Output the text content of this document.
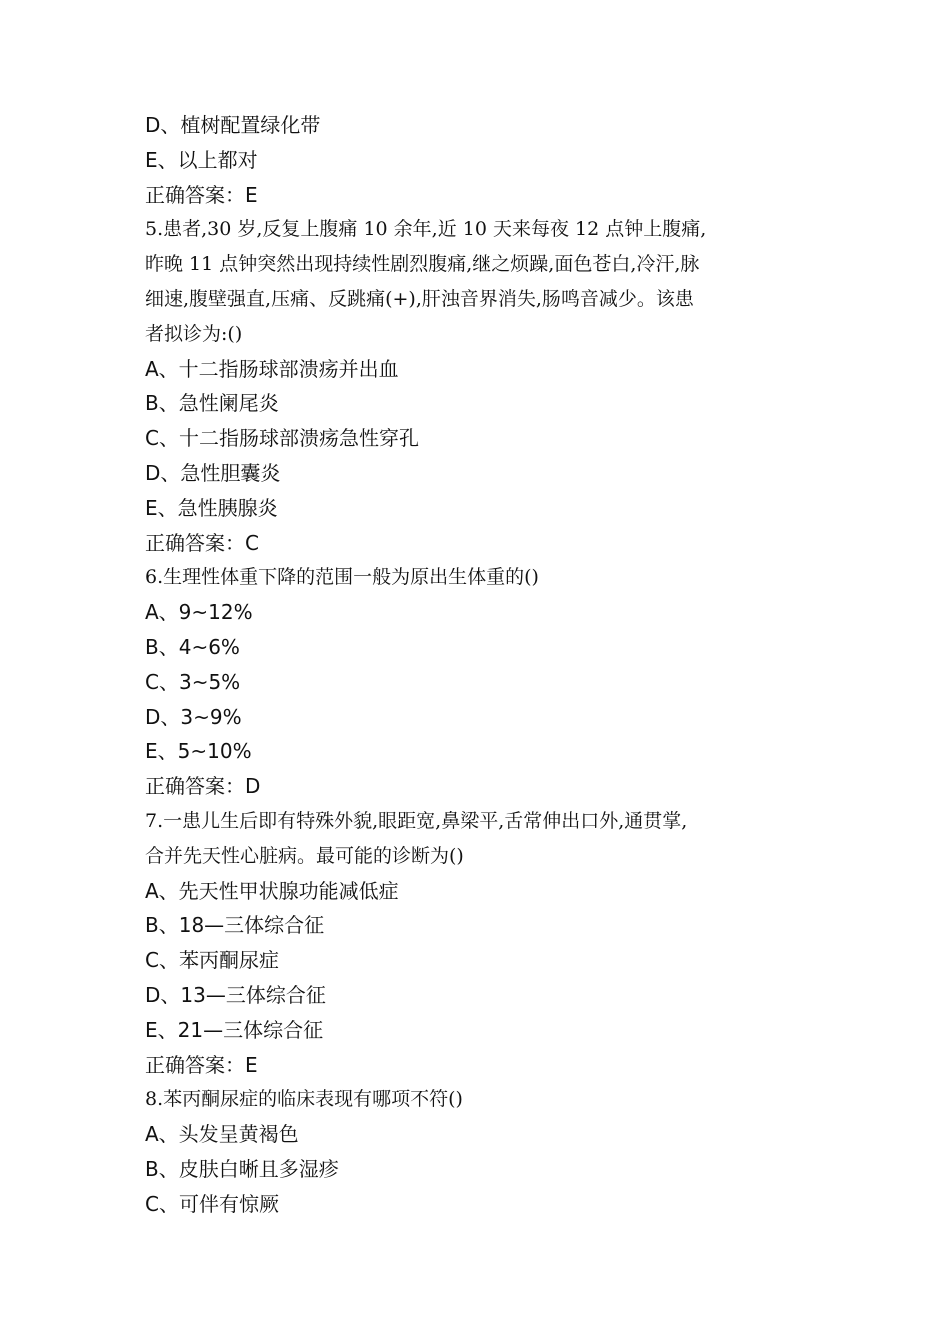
D、植树配置绿化带
E、以上都对
正确答案：E
5.患者,30 岁,反复上腹痛 10 余年,近 10 天来每夜 12 点钟上腹痛,
昨晚 11 点钟突然出现持续性剧烈腹痛,继之烦躁,面色苍白,冷汗,脉
细速,腹壁强直,压痛、反跳痛(+),肝浊音界消失,肠鸣音减少。该患
者拟诊为:()
A、十二指肠球部溃疡并出血
B、急性阑尾炎
C、十二指肠球部溃疡急性穿孔
D、急性胆囊炎
E、急性胰腺炎
正确答案：C
6.生理性体重下降的范围一般为原出生体重的()
A、9~12%
B、4~6%
C、3~5%
D、3~9%
E、5~10%
正确答案：D
7.一患儿生后即有特殊外貌,眼距宽,鼻梁平,舌常伸出口外,通贯掌,
合并先天性心脏病。最可能的诊断为()
A、先天性甲状腺功能减低症
B、18—三体综合征
C、苯丙酮尿症
D、13—三体综合征
E、21—三体综合征
正确答案：E
8.苯丙酮尿症的临床表现有哪项不符()
A、头发呈黄褐色
B、皮肤白晰且多湿疹
C、可伴有惊厥
